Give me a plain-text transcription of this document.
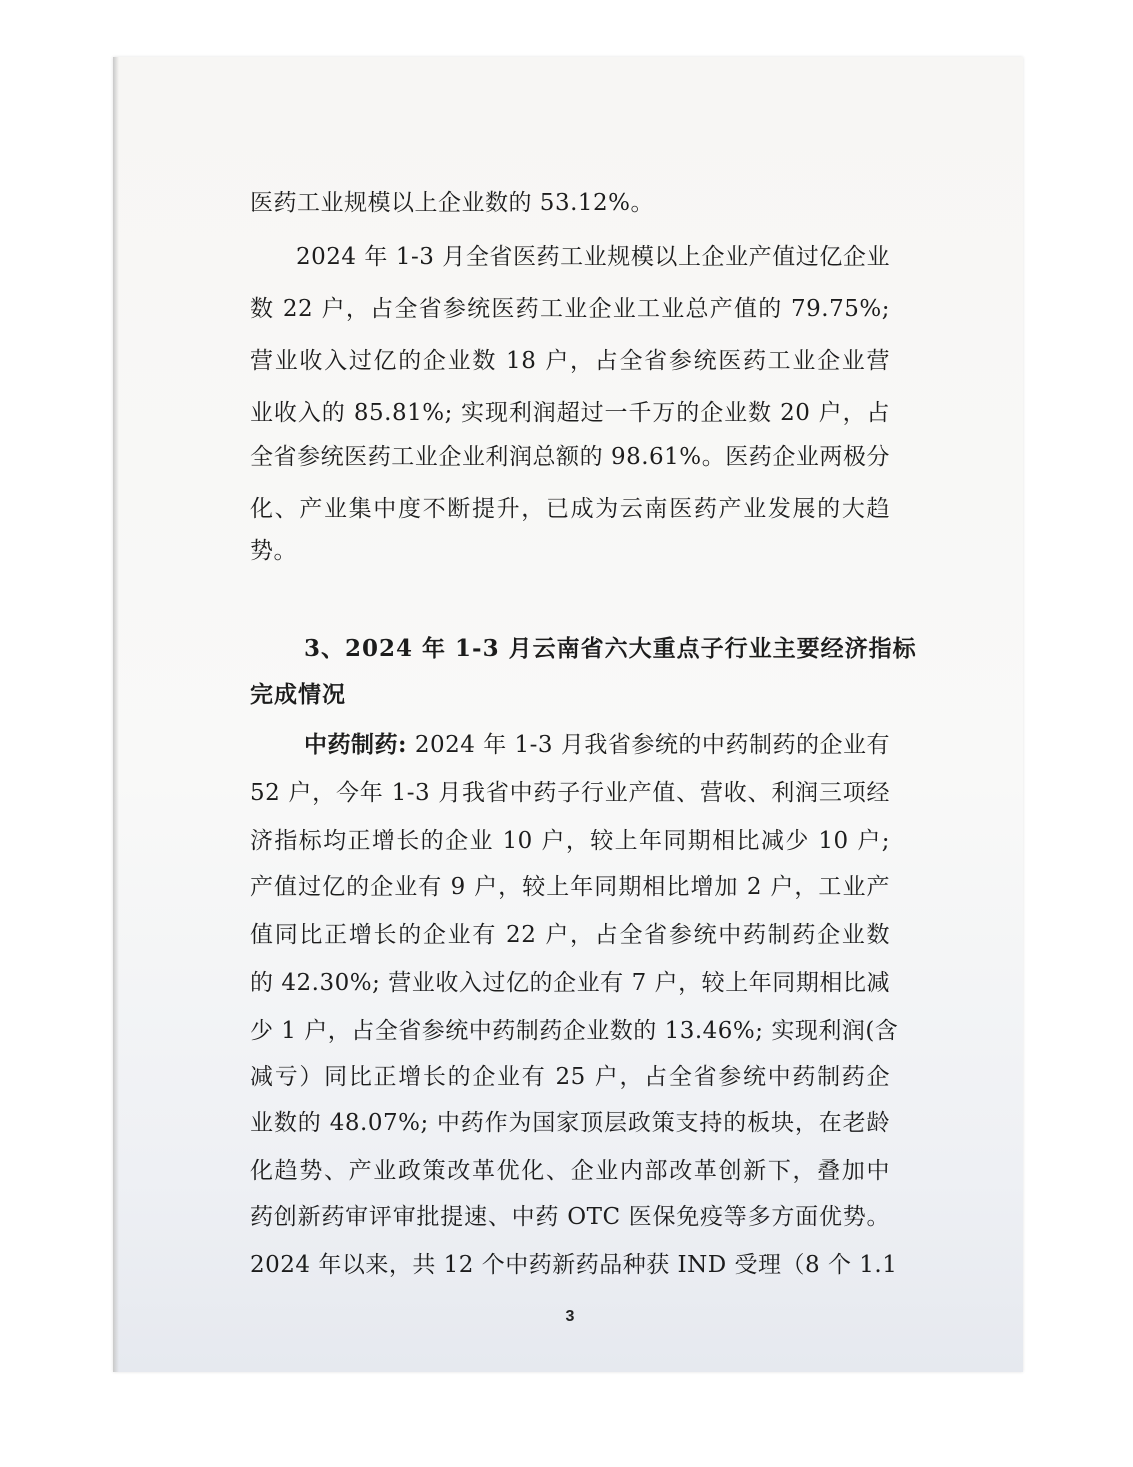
医药工业规模以上企业数的 53.12%。

2024 年 1-3 月全省医药工业规模以上企业产值过亿企业

数 22 户，占全省参统医药工业企业工业总产值的 79.75%;

营业收入过亿的企业数 18 户，占全省参统医药工业企业营

业收入的 85.81%; 实现利润超过一千万的企业数 20 户，占

全省参统医药工业企业利润总额的 98.61%。医药企业两极分

化、产业集中度不断提升，已成为云南医药产业发展的大趋

势。

3、2024 年 1-3 月云南省六大重点子行业主要经济指标

完成情况

中药制药: 2024 年 1-3 月我省参统的中药制药的企业有

52 户，今年 1-3 月我省中药子行业产值、营收、利润三项经

济指标均正增长的企业 10 户，较上年同期相比减少 10 户;

产值过亿的企业有 9 户，较上年同期相比增加 2 户，工业产

值同比正增长的企业有 22 户，占全省参统中药制药企业数

的 42.30%; 营业收入过亿的企业有 7 户，较上年同期相比减

少 1 户，占全省参统中药制药企业数的 13.46%; 实现利润(含

减亏）同比正增长的企业有 25 户，占全省参统中药制药企

业数的 48.07%; 中药作为国家顶层政策支持的板块，在老龄

化趋势、产业政策改革优化、企业内部改革创新下，叠加中

药创新药审评审批提速、中药 OTC 医保免疫等多方面优势。

2024 年以来，共 12 个中药新药品种获 IND 受理（8 个 1.1

3
